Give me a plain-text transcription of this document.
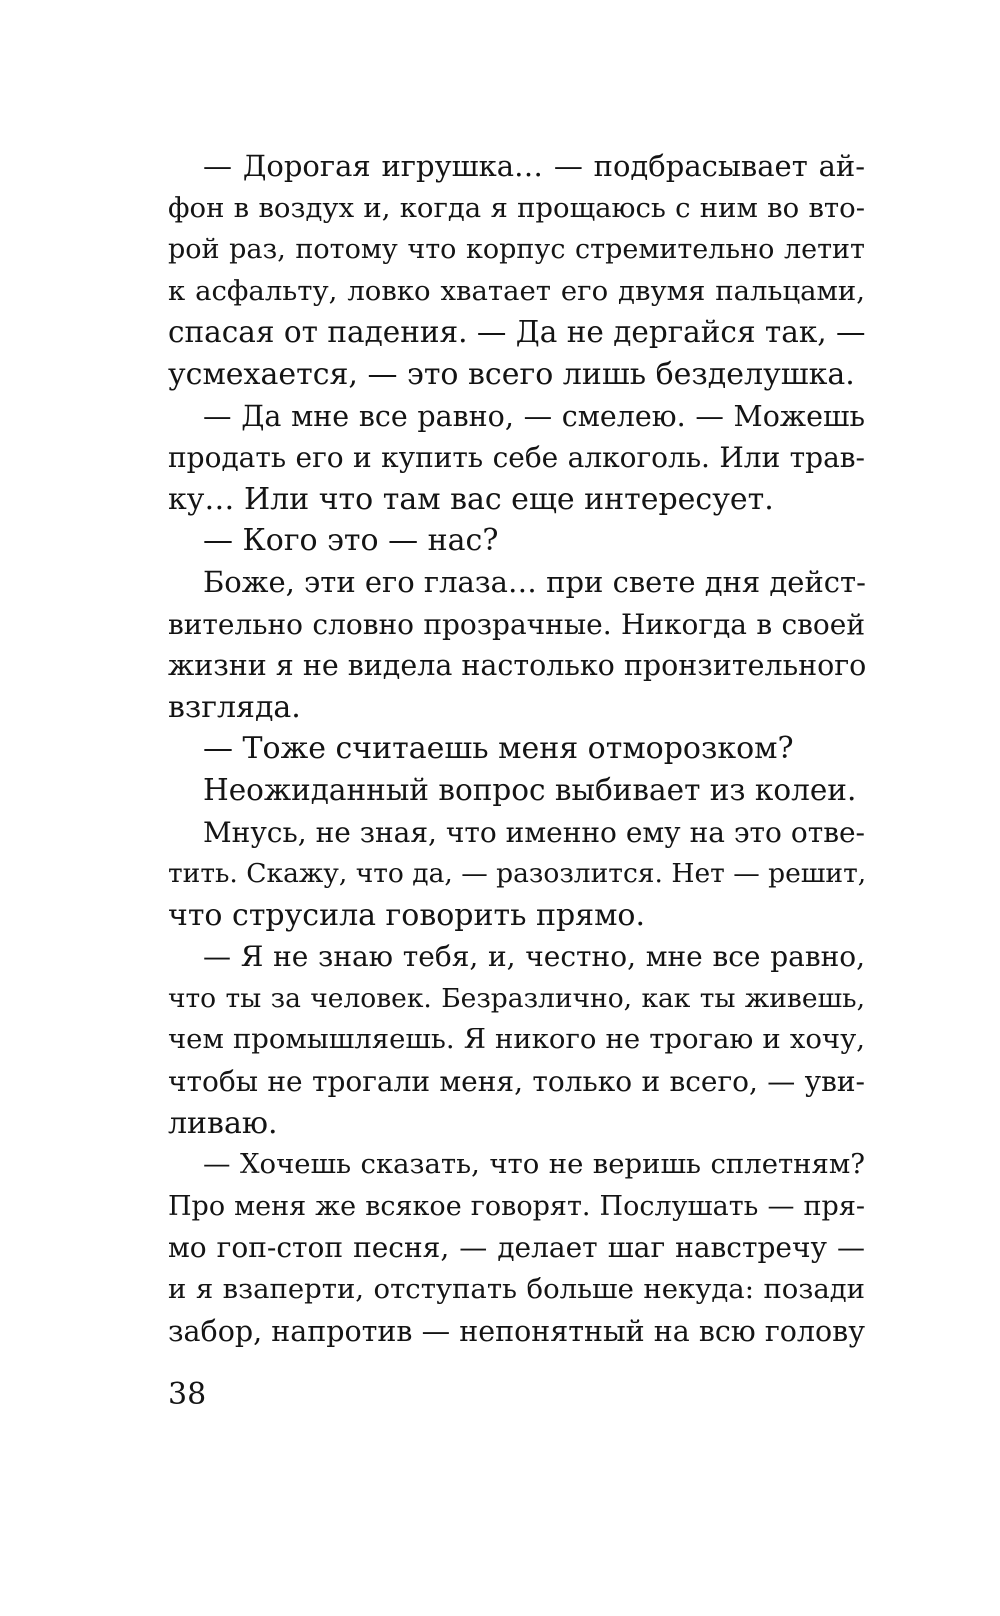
— Дорогая игрушка… — подбрасывает ай-
фон в воздух и, когда я прощаюсь с ним во вто-
рой раз, потому что корпус стремительно летит
к асфальту, ловко хватает его двумя пальцами,
спасая от падения. — Да не дергайся так, —
усмехается, — это всего лишь безделушка.
— Да мне все равно, — смелею. — Можешь
продать его и купить себе алкоголь. Или трав-
ку… Или что там вас еще интересует.
— Кого это — нас?
Боже, эти его глаза… при свете дня дейст-
вительно словно прозрачные. Никогда в своей
жизни я не видела настолько пронзительного
взгляда.
— Тоже считаешь меня отморозком?
Неожиданный вопрос выбивает из колеи.
Мнусь, не зная, что именно ему на это отве-
тить. Скажу, что да, — разозлится. Нет — решит,
что струсила говорить прямо.
— Я не знаю тебя, и, честно, мне все равно,
что ты за человек. Безразлично, как ты живешь,
чем промышляешь. Я никого не трогаю и хочу,
чтобы не трогали меня, только и всего, — уви-
ливаю.
— Хочешь сказать, что не веришь сплетням?
Про меня же всякое говорят. Послушать — пря-
мо гоп-стоп песня, — делает шаг навстречу —
и я взаперти, отступать больше некуда: позади
забор, напротив — непонятный на всю голову
38
